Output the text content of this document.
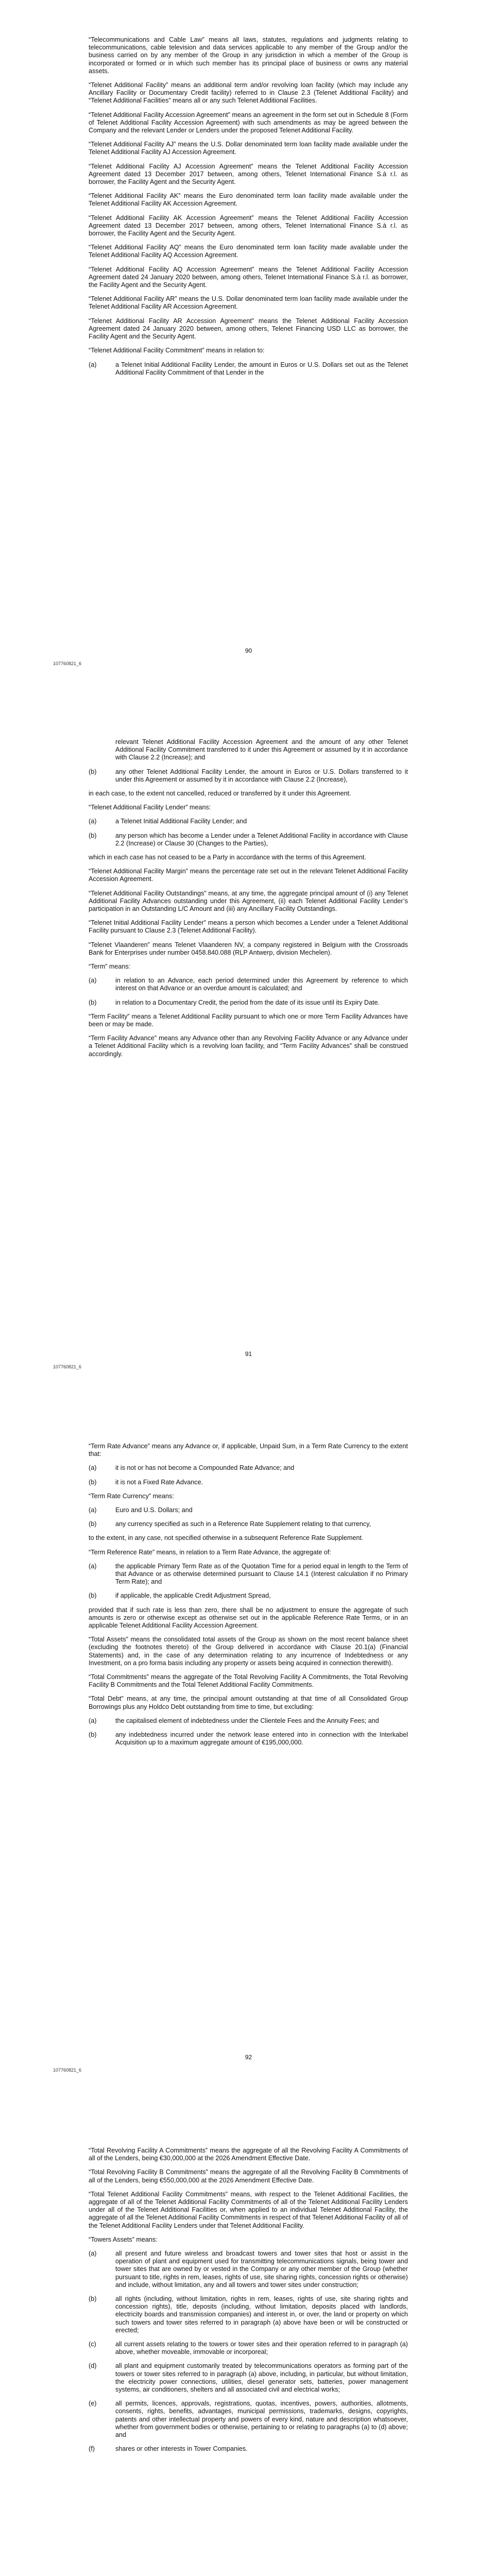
“Telecommunications and Cable Law” means all laws, statutes, regulations and judgments relating to telecommunications, cable television and data services applicable to any member of the Group and/or the business carried on by any member of the Group in any jurisdiction in which a member of the Group is incorporated or formed or in which such member has its principal place of business or owns any material assets.

“Telenet Additional Facility” means an additional term and/or revolving loan facility (which may include any Ancillary Facility or Documentary Credit facility) referred to in Clause 2.3 (Telenet Additional Facility) and “Telenet Additional Facilities” means all or any such Telenet Additional Facilities.

“Telenet Additional Facility Accession Agreement” means an agreement in the form set out in Schedule 8 (Form of Telenet Additional Facility Accession Agreement) with such amendments as may be agreed between the Company and the relevant Lender or Lenders under the proposed Telenet Additional Facility.

“Telenet Additional Facility AJ” means the U.S. Dollar denominated term loan facility made available under the Telenet Additional Facility AJ Accession Agreement.

“Telenet Additional Facility AJ Accession Agreement” means the Telenet Additional Facility Accession Agreement dated 13 December 2017 between, among others, Telenet International Finance S.à r.l. as borrower, the Facility Agent and the Security Agent.

“Telenet Additional Facility AK” means the Euro denominated term loan facility made available under the Telenet Additional Facility AK Accession Agreement.

“Telenet Additional Facility AK Accession Agreement” means the Telenet Additional Facility Accession Agreement dated 13 December 2017 between, among others, Telenet International Finance S.à r.l. as borrower, the Facility Agent and the Security Agent.

“Telenet Additional Facility AQ” means the Euro denominated term loan facility made available under the Telenet Additional Facility AQ Accession Agreement.

“Telenet Additional Facility AQ Accession Agreement” means the Telenet Additional Facility Accession Agreement dated 24 January 2020 between, among others, Telenet International Finance S.à r.l. as borrower, the Facility Agent and the Security Agent.

“Telenet Additional Facility AR” means the U.S. Dollar denominated term loan facility made available under the Telenet Additional Facility AR Accession Agreement.

“Telenet Additional Facility AR Accession Agreement” means the Telenet Additional Facility Accession Agreement dated 24 January 2020 between, among others, Telenet Financing USD LLC as borrower, the Facility Agent and the Security Agent.

“Telenet Additional Facility Commitment” means in relation to:

(a)	a Telenet Initial Additional Facility Lender, the amount in Euros or U.S. Dollars set out as the Telenet Additional Facility Commitment of that Lender in the
90
107760821_6

relevant Telenet Additional Facility Accession Agreement and the amount of any other Telenet Additional Facility Commitment transferred to it under this Agreement or assumed by it in accordance with Clause 2.2 (Increase); and

(b)	any other Telenet Additional Facility Lender, the amount in Euros or U.S. Dollars transferred to it under this Agreement or assumed by it in accordance with Clause 2.2 (Increase),

in each case, to the extent not cancelled, reduced or transferred by it under this Agreement.

“Telenet Additional Facility Lender” means:

(a)	a Telenet Initial Additional Facility Lender; and
(b)	any person which has become a Lender under a Telenet Additional Facility in accordance with Clause 2.2 (Increase) or Clause 30 (Changes to the Parties),

which in each case has not ceased to be a Party in accordance with the terms of this Agreement.

“Telenet Additional Facility Margin” means the percentage rate set out in the relevant Telenet Additional Facility Accession Agreement.

“Telenet Additional Facility Outstandings” means, at any time, the aggregate principal amount of (i) any Telenet Additional Facility Advances outstanding under this Agreement, (ii) each Telenet Additional Facility Lender’s participation in an Outstanding L/C Amount and (iii) any Ancillary Facility Outstandings.

“Telenet Initial Additional Facility Lender” means a person which becomes a Lender under a Telenet Additional Facility pursuant to Clause 2.3 (Telenet Additional Facility).

“Telenet Vlaanderen” means Telenet Vlaanderen NV, a company registered in Belgium with the Crossroads Bank for Enterprises under number 0458.840.088 (RLP Antwerp, division Mechelen).

“Term” means:

(a)	in relation to an Advance, each period determined under this Agreement by reference to which interest on that Advance or an overdue amount is calculated; and
(b)	in relation to a Documentary Credit, the period from the date of its issue until its Expiry Date.

“Term Facility” means a Telenet Additional Facility pursuant to which one or more Term Facility Advances have been or may be made.

“Term Facility Advance” means any Advance other than any Revolving Facility Advance or any Advance under a Telenet Additional Facility which is a revolving loan facility, and “Term Facility Advances” shall be construed accordingly.

91
107760821_6

“Term Rate Advance” means any Advance or, if applicable, Unpaid Sum, in a Term Rate Currency to the extent that:

(a)	it is not or has not become a Compounded Rate Advance; and
(b)	it is not a Fixed Rate Advance.

“Term Rate Currency” means:

(a)	Euro and U.S. Dollars; and
(b)	any currency specified as such in a Reference Rate Supplement relating to that currency,

to the extent, in any case, not specified otherwise in a subsequent Reference Rate Supplement.

“Term Reference Rate” means, in relation to a Term Rate Advance, the aggregate of:

(a)	the applicable Primary Term Rate as of the Quotation Time for a period equal in length to the Term of that Advance or as otherwise determined pursuant to Clause 14.1 (Interest calculation if no Primary Term Rate); and
(b)	if applicable, the applicable Credit Adjustment Spread,

provided that if such rate is less than zero, there shall be no adjustment to ensure the aggregate of such amounts is zero or otherwise except as otherwise set out in the applicable Reference Rate Terms, or in an applicable Telenet Additional Facility Accession Agreement.

“Total Assets” means the consolidated total assets of the Group as shown on the most recent balance sheet (excluding the footnotes thereto) of the Group delivered in accordance with Clause 20.1(a) (Financial Statements) and, in the case of any determination relating to any incurrence of Indebtedness or any Investment, on a pro forma basis including any property or assets being acquired in connection therewith).

“Total Commitments” means the aggregate of the Total Revolving Facility A Commitments, the Total Revolving Facility B Commitments and the Total Telenet Additional Facility Commitments.

“Total Debt” means, at any time, the principal amount outstanding at that time of all Consolidated Group Borrowings plus any Holdco Debt outstanding from time to time, but excluding:

(a)	the capitalised element of indebtedness under the Clientele Fees and the Annuity Fees; and
(b)	any indebtedness incurred under the network lease entered into in connection with the Interkabel Acquisition up to a maximum aggregate amount of €195,000,000.
92
107760821_6

“Total Revolving Facility A Commitments” means the aggregate of all the Revolving Facility A Commitments of all of the Lenders, being €30,000,000 at the 2026 Amendment Effective Date.

“Total Revolving Facility B Commitments” means the aggregate of all the Revolving Facility B Commitments of all of the Lenders, being €550,000,000 at the 2026 Amendment Effective Date.

“Total Telenet Additional Facility Commitments” means, with respect to the Telenet Additional Facilities, the aggregate of all of the Telenet Additional Facility Commitments of all of the Telenet Additional Facility Lenders under all of the Telenet Additional Facilities or, when applied to an individual Telenet Additional Facility, the aggregate of all the Telenet Additional Facility Commitments in respect of that Telenet Additional Facility of all of the Telenet Additional Facility Lenders under that Telenet Additional Facility.

“Towers Assets” means:

(a)	all present and future wireless and broadcast towers and tower sites that host or assist in the operation of plant and equipment used for transmitting telecommunications signals, being tower and tower sites that are owned by or vested in the Company or any other member of the Group (whether pursuant to title, rights in rem, leases, rights of use, site sharing rights, concession rights or otherwise) and include, without limitation, any and all towers and tower sites under construction;
(b)	all rights (including, without limitation, rights in rem, leases, rights of use, site sharing rights and concession rights), title, deposits (including, without limitation, deposits placed with landlords, electricity boards and transmission companies) and interest in, or over, the land or property on which such towers and tower sites referred to in paragraph (a) above have been or will be constructed or erected;
(c)	all current assets relating to the towers or tower sites and their operation referred to in paragraph (a) above, whether moveable, immovable or incorporeal;
(d)	all plant and equipment customarily treated by telecommunications operators as forming part of the towers or tower sites referred to in paragraph (a) above, including, in particular, but without limitation, the electricity power connections, utilities, diesel generator sets, batteries, power management systems, air conditioners, shelters and all associated civil and electrical works;
(e)	all permits, licences, approvals, registrations, quotas, incentives, powers, authorities, allotments, consents, rights, benefits, advantages, municipal permissions, trademarks, designs, copyrights, patents and other intellectual property and powers of every kind, nature and description whatsoever, whether from government bodies or otherwise, pertaining to or relating to paragraphs (a) to (d) above; and
(f)	shares or other interests in Tower Companies.
